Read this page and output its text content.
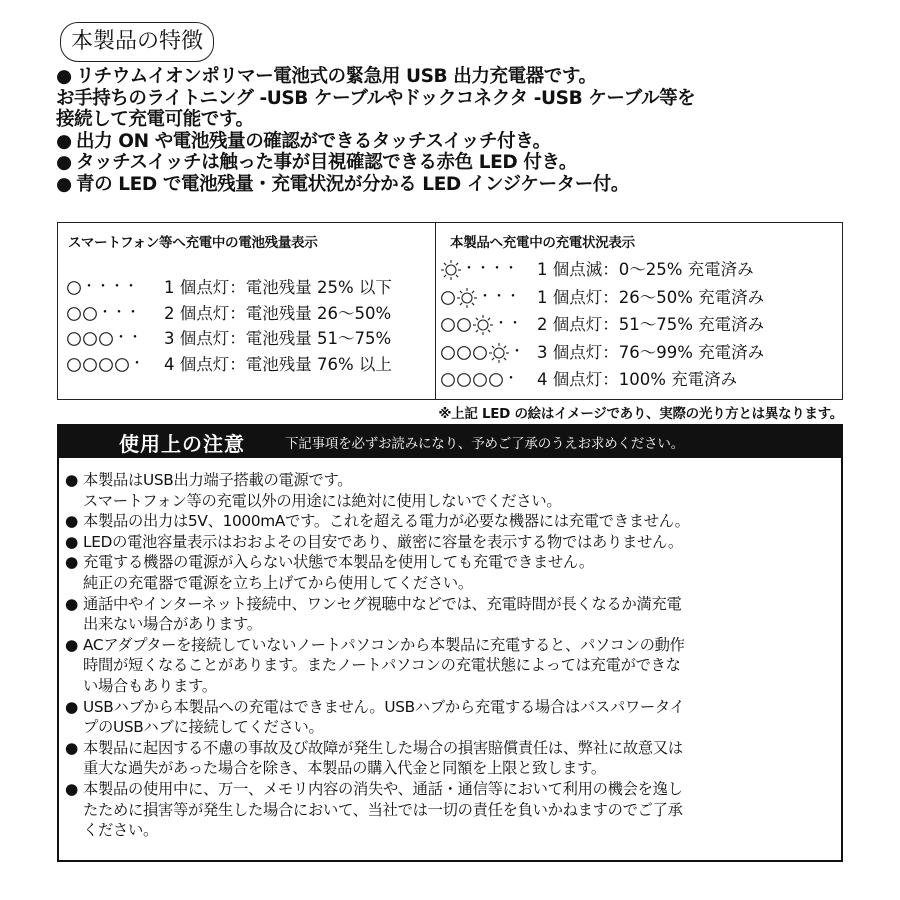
本製品の特徴
● リチウムイオンポリマー電池式の緊急用 USB 出力充電器です。
お手持ちのライトニング -USB ケーブルやドックコネクタ -USB ケーブル等を
接続して充電可能です。
● 出力 ON や電池残量の確認ができるタッチスイッチ付き。
● タッチスイッチは触った事が目視確認できる赤色 LED 付き。
● 青の LED で電池残量・充電状況が分かる LED インジケーター付。
スマートフォン等へ充電中の電池残量表示
・・・・	1 個点灯：電池残量 25% 以下
・・・	2 個点灯：電池残量 26〜50%
・・	3 個点灯：電池残量 51〜75%
・	4 個点灯：電池残量 76% 以上
本製品へ充電中の充電状況表示
・・・・	1 個点滅：0〜25% 充電済み
・・・	1 個点灯：26〜50% 充電済み
・・ 2 個点灯：51〜75% 充電済み
・ 3 個点灯：76〜99% 充電済み
・	4 個点灯：100% 充電済み
※上記 LED の絵はイメージであり、実際の光り方とは異なります。
使用上の注意	下記事項を必ずお読みになり、予めご了承のうえお求めください。
● 本製品はUSB出力端子搭載の電源です。
スマートフォン等の充電以外の用途には絶対に使用しないでください。
● 本製品の出力は5V、1000mAです。これを超える電力が必要な機器には充電できません。
● LEDの電池容量表示はおおよその目安であり、厳密に容量を表示する物ではありません。
● 充電する機器の電源が入らない状態で本製品を使用しても充電できません。
純正の充電器で電源を立ち上げてから使用してください。
● 通話中やインターネット接続中、ワンセグ視聴中などでは、充電時間が長くなるか満充電
出来ない場合があります。
● ACアダプターを接続していないノートパソコンから本製品に充電すると、パソコンの動作
時間が短くなることがあります。またノートパソコンの充電状態によっては充電ができな
い場合もあります。
● USBハブから本製品への充電はできません。USBハブから充電する場合はバスパワータイ
プのUSBハブに接続してください。
● 本製品に起因する不慮の事故及び故障が発生した場合の損害賠償責任は、弊社に故意又は
重大な過失があった場合を除き、本製品の購入代金と同額を上限と致します。
● 本製品の使用中に、万一、メモリ内容の消失や、通話・通信等において利用の機会を逸し
たために損害等が発生した場合において、当社では一切の責任を負いかねますのでご了承
ください。
